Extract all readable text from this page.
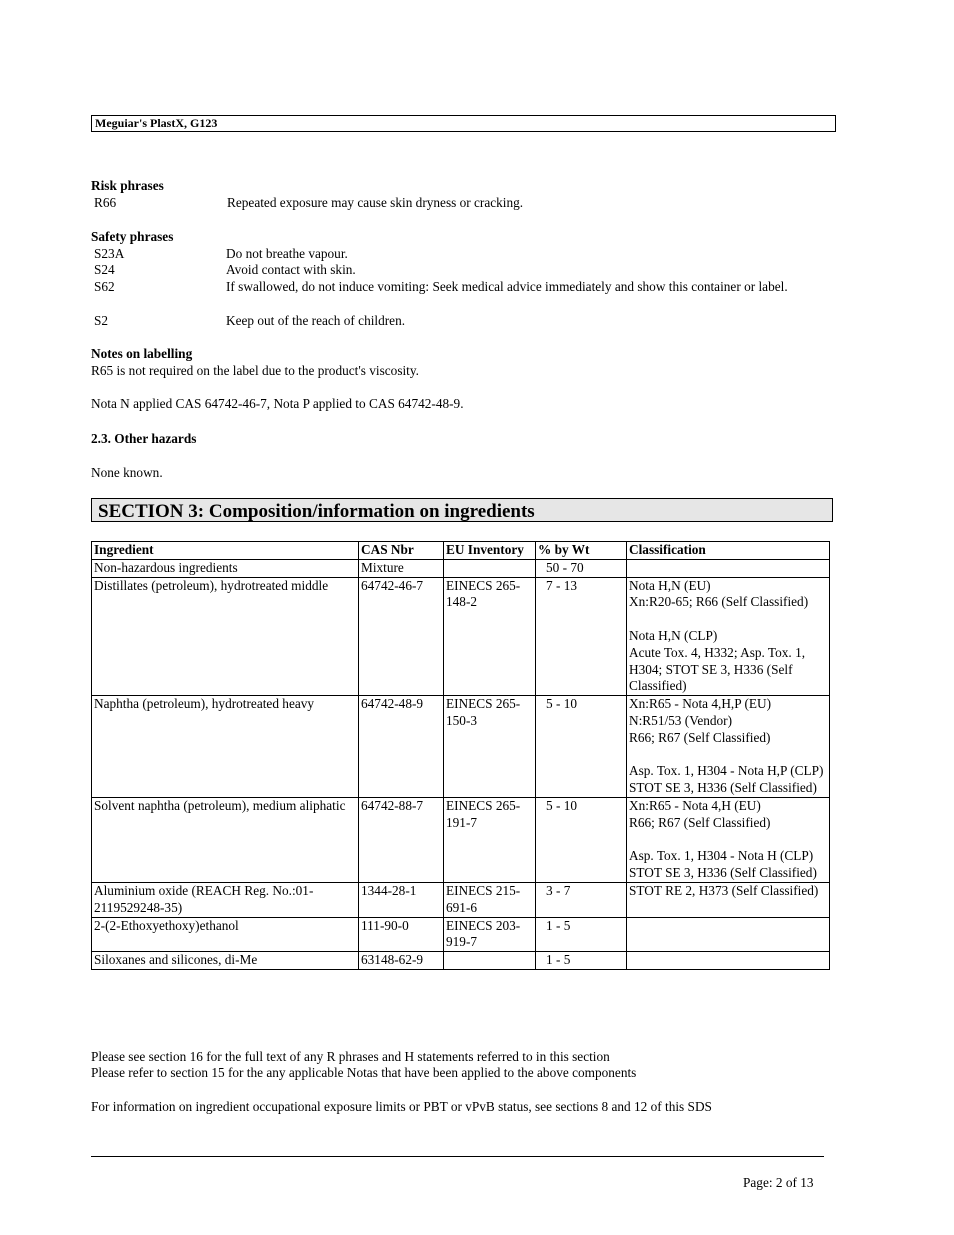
Meguiar's PlastX, G123
Risk phrases
R66	Repeated exposure may cause skin dryness or cracking.
Safety phrases
S23A	Do not breathe vapour.
S24	Avoid contact with skin.
S62	If swallowed, do not induce vomiting: Seek medical advice immediately and show this container or label.
S2	Keep out of the reach of children.
Notes on labelling
R65 is not required on the label due to the product's viscosity.
Nota N applied CAS 64742-46-7, Nota P applied to CAS 64742-48-9.
2.3. Other hazards
None known.
SECTION 3: Composition/information on ingredients
Ingredient	CAS Nbr	EU Inventory	% by Wt	Classification
Non-hazardous ingredients	Mixture		50 - 70	
Distillates (petroleum), hydrotreated middle	64742-46-7	EINECS 265-148-2	7 - 13	Nota H,N (EU)
Xn:R20-65; R66 (Self Classified)
Nota H,N (CLP)
Acute Tox. 4, H332; Asp. Tox. 1, H304; STOT SE 3, H336 (Self Classified)

Naphtha (petroleum), hydrotreated heavy	64742-48-9	EINECS 265-150-3	5 - 10	Xn:R65 - Nota 4,H,P (EU)
N:R51/53 (Vendor)
R66; R67 (Self Classified)
Asp. Tox. 1, H304 - Nota H,P (CLP)
STOT SE 3, H336 (Self Classified)

Solvent naphtha (petroleum), medium aliphatic	64742-88-7	EINECS 265-191-7	5 - 10	Xn:R65 - Nota 4,H (EU)
R66; R67 (Self Classified)
Asp. Tox. 1, H304 - Nota H (CLP)
STOT SE 3, H336 (Self Classified)

Aluminium oxide (REACH Reg. No.:01-2119529248-35)	1344-28-1	EINECS 215-691-6	3 - 7	STOT RE 2, H373 (Self Classified)

2-(2-Ethoxyethoxy)ethanol	111-90-0	EINECS 203-919-7	1 - 5	
Siloxanes and silicones, di-Me	63148-62-9		1 - 5	
Please see section 16 for the full text of any R phrases and H statements referred to in this section
Please refer to section 15 for the any applicable Notas that have been applied to the above components
For information on ingredient occupational exposure limits or PBT or vPvB status, see sections 8 and 12 of this SDS
Page: 2 of 13
